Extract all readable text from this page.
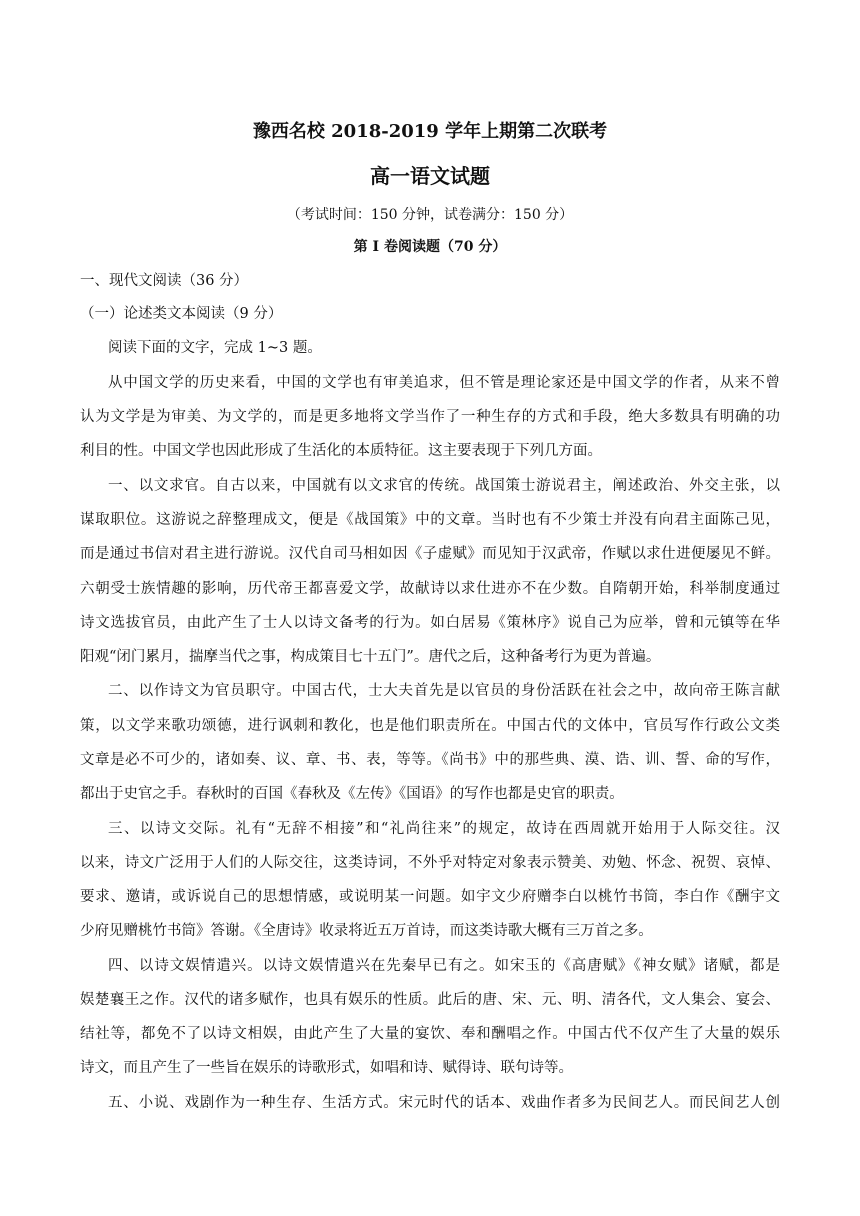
豫西名校 2018-2019 学年上期第二次联考
高一语文试题
（考试时间：150 分钟，试卷满分：150 分）
第 I 卷阅读题（70 分）
一、现代文阅读（36 分）
（一）论述类文本阅读（9 分）
阅读下面的文字，完成 1~3 题。
从中国文学的历史来看，中国的文学也有审美追求，但不管是理论家还是中国文学的作者，从来不曾
认为文学是为审美、为文学的，而是更多地将文学当作了一种生存的方式和手段，绝大多数具有明确的功
利目的性。中国文学也因此形成了生活化的本质特征。这主要表现于下列几方面。
一、以文求官。自古以来，中国就有以文求官的传统。战国策士游说君主，阐述政治、外交主张，以
谋取职位。这游说之辞整理成文，便是《战国策》中的文章。当时也有不少策士并没有向君主面陈己见，
而是通过书信对君主进行游说。汉代自司马相如因《子虚赋》而见知于汉武帝，作赋以求仕进便屡见不鲜。
六朝受士族情趣的影响，历代帝王都喜爱文学，故献诗以求仕进亦不在少数。自隋朝开始，科举制度通过
诗文选拔官员，由此产生了士人以诗文备考的行为。如白居易《策林序》说自己为应举，曾和元镇等在华
阳观“闭门累月，揣摩当代之事，构成策目七十五门”。唐代之后，这种备考行为更为普遍。
二、以作诗文为官员职守。中国古代，士大夫首先是以官员的身份活跃在社会之中，故向帝王陈言献
策，以文学来歌功颂德，进行讽刺和教化，也是他们职责所在。中国古代的文体中，官员写作行政公文类
文章是必不可少的，诸如奏、议、章、书、表，等等。《尚书》中的那些典、漠、诰、训、誓、命的写作，
都出于史官之手。春秋时的百国《春秋及《左传》《国语》的写作也都是史官的职责。
三、以诗文交际。礼有“无辞不相接”和“礼尚往来”的规定，故诗在西周就开始用于人际交往。汉
以来，诗文广泛用于人们的人际交往，这类诗词，不外乎对特定对象表示赞美、劝勉、怀念、祝贺、哀悼、
要求、邀请，或诉说自己的思想情感，或说明某一问题。如宇文少府赠李白以桃竹书筒，李白作《酬宇文
少府见赠桃竹书筒》答谢。《全唐诗》收录将近五万首诗，而这类诗歌大概有三万首之多。
四、以诗文娱情遣兴。以诗文娱情遣兴在先秦早已有之。如宋玉的《高唐赋》《神女赋》诸赋，都是
娱楚襄王之作。汉代的诸多赋作，也具有娱乐的性质。此后的唐、宋、元、明、清各代，文人集会、宴会、
结社等，都免不了以诗文相娱，由此产生了大量的宴饮、奉和酬唱之作。中国古代不仅产生了大量的娱乐
诗文，而且产生了一些旨在娱乐的诗歌形式，如唱和诗、赋得诗、联句诗等。
五、小说、戏剧作为一种生存、生活方式。宋元时代的话本、戏曲作者多为民间艺人。而民间艺人创
